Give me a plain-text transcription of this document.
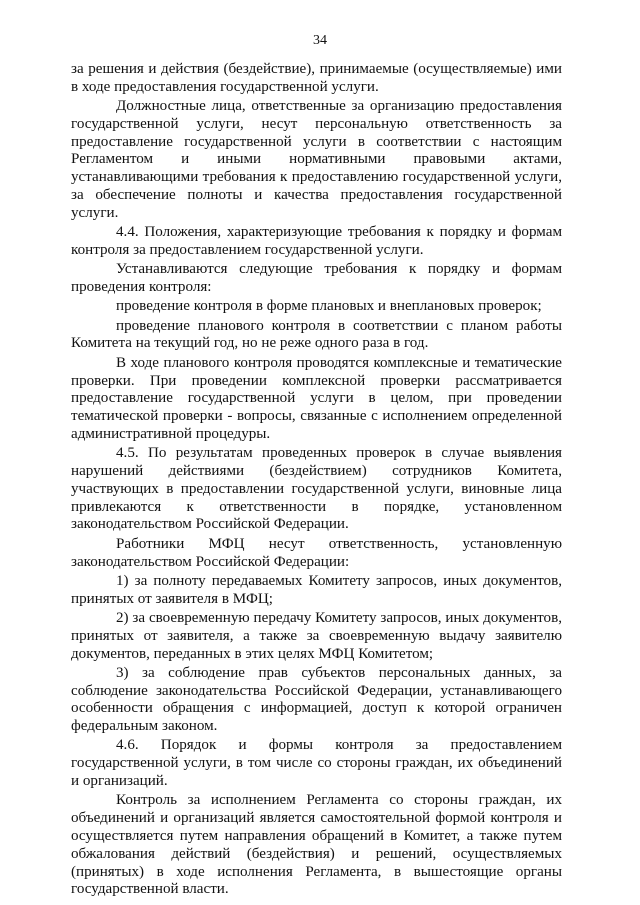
34

за решения и действия (бездействие), принимаемые (осуществляемые) ими в ходе предоставления государственной услуги.

Должностные лица, ответственные за организацию предоставления государственной услуги, несут персональную ответственность за предоставление государственной услуги в соответствии с настоящим Регламентом и иными нормативными правовыми актами, устанавливающими требования к предоставлению государственной услуги, за обеспечение полноты и качества предоставления государственной услуги.

4.4. Положения, характеризующие требования к порядку и формам контроля за предоставлением государственной услуги.

Устанавливаются следующие требования к порядку и формам проведения контроля:

проведение контроля в форме плановых и внеплановых проверок;

проведение планового контроля в соответствии с планом работы Комитета на текущий год, но не реже одного раза в год.

В ходе планового контроля проводятся комплексные и тематические проверки. При проведении комплексной проверки рассматривается предоставление государственной услуги в целом, при проведении тематической проверки - вопросы, связанные с исполнением определенной административной процедуры.

4.5. По результатам проведенных проверок в случае выявления нарушений действиями (бездействием) сотрудников Комитета, участвующих в предоставлении государственной услуги, виновные лица привлекаются к ответственности в порядке, установленном законодательством Российской Федерации.

Работники МФЦ несут ответственность, установленную законодательством Российской Федерации:

1) за полноту передаваемых Комитету запросов, иных документов, принятых от заявителя в МФЦ;

2) за своевременную передачу Комитету запросов, иных документов, принятых от заявителя, а также за своевременную выдачу заявителю документов, переданных в этих целях МФЦ Комитетом;

3) за соблюдение прав субъектов персональных данных, за соблюдение законодательства Российской Федерации, устанавливающего особенности обращения с информацией, доступ к которой ограничен федеральным законом.

4.6. Порядок и формы контроля за предоставлением государственной услуги, в том числе со стороны граждан, их объединений и организаций.

Контроль за исполнением Регламента со стороны граждан, их объединений и организаций является самостоятельной формой контроля и осуществляется путем направления обращений в Комитет, а также путем обжалования действий (бездействия) и решений, осуществляемых (принятых) в ходе исполнения Регламента, в вышестоящие органы государственной власти.
